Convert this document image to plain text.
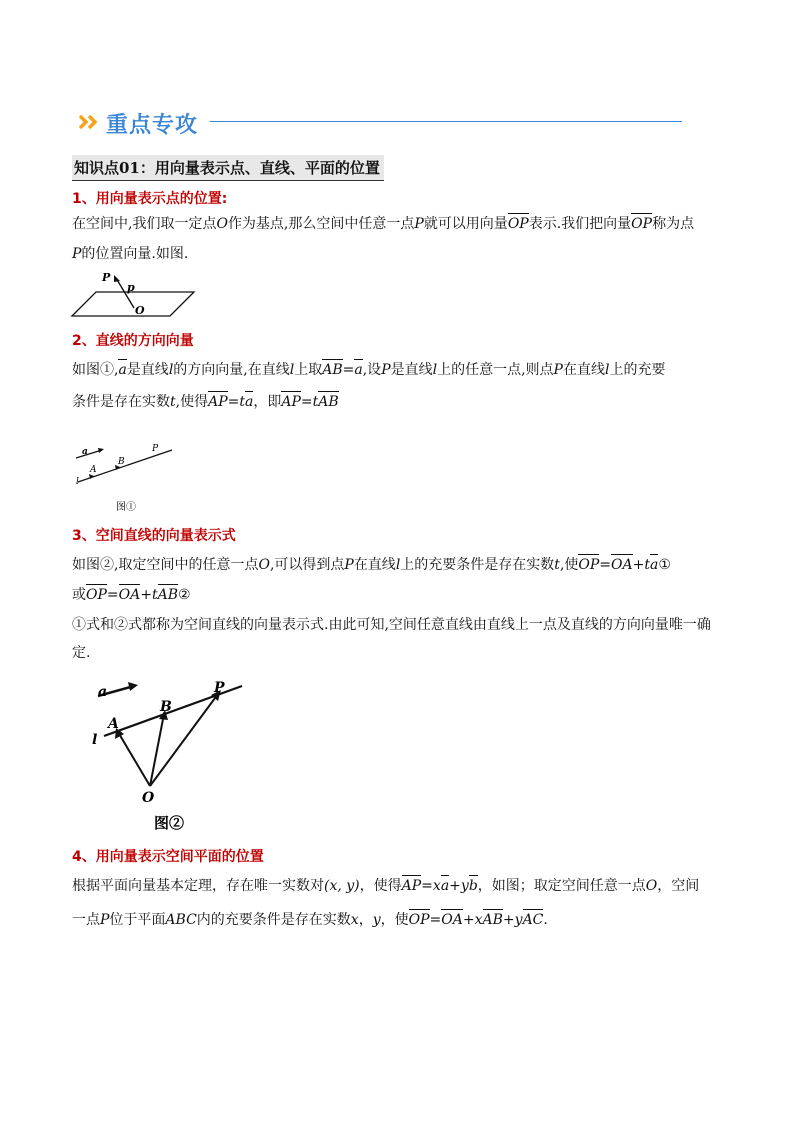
重点专攻
知识点01：用向量表示点、直线、平面的位置
1、用向量表示点的位置:
在空间中,我们取一定点O作为基点,那么空间中任意一点P就可以用向量OP表示.我们把向量OP称为点
P的位置向量.如图.
P
p
O
2、直线的方向向量
如图①,a是直线l的方向向量,在直线l上取AB=a,设P是直线l上的任意一点,则点P在直线l上的充要
条件是存在实数t,使得AP=ta，即AP=tAB
a
A
B
P
l
图①
3、空间直线的向量表示式
如图②,取定空间中的任意一点O,可以得到点P在直线l上的充要条件是存在实数t,使OP=OA+ta①
或OP=OA+tAB②
①式和②式都称为空间直线的向量表示式.由此可知,空间任意直线由直线上一点及直线的方向向量唯一确
定.
a
A
B
P
l
O
图②
4、用向量表示空间平面的位置
根据平面向量基本定理，存在唯一实数对(x, y)，使得AP=xa+yb，如图；取定空间任意一点O，空间
一点P位于平面ABC内的充要条件是存在实数x，y，使OP=OA+xAB+yAC.
